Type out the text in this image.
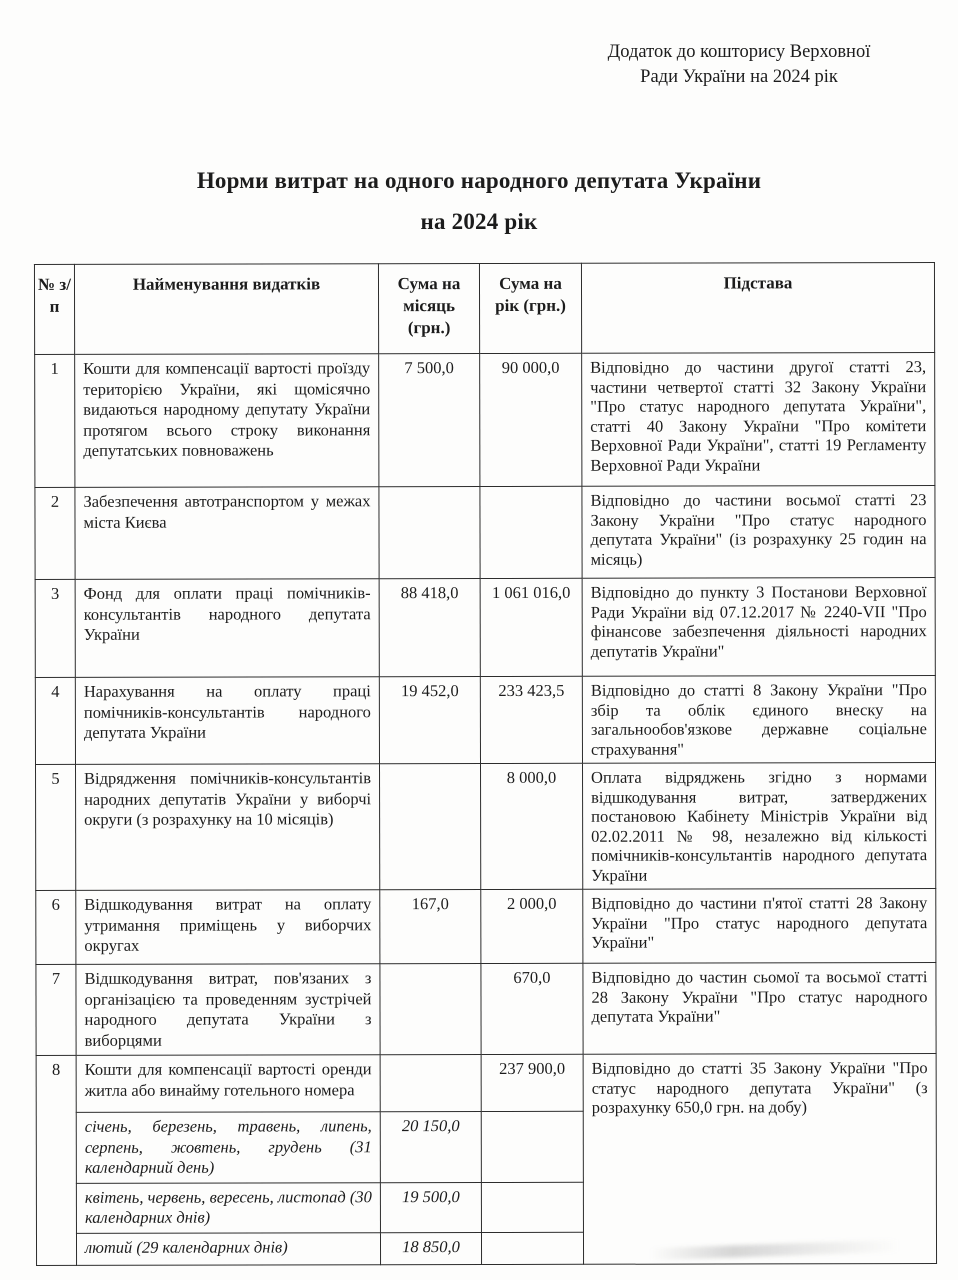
Додаток до кошторису Верховної
Ради України на 2024 рік
Норми витрат на одного народного депутата України
на 2024 рік
№ з/п	Найменування видатків	Сума на місяць (грн.)	Сума на рік (грн.)	Підстава
1	Кошти для компенсації вартості проїзду територією України, які щомісячно видаються народному депутату України протягом всього строку виконання депутатських повноважень	7 500,0	90 000,0	Відповідно до частини другої статті 23, частини четвертої статті 32 Закону України "Про статус народного депутата України", статті 40 Закону України "Про комітети Верховної Ради України", статті 19 Регламенту Верховної Ради України
2	Забезпечення автотранспортом у межах міста Києва			Відповідно до частини восьмої статті 23 Закону України "Про статус народного депутата України" (із розрахунку 25 годин на місяць)
3	Фонд для оплати праці помічників-консультантів народного депутата України	88 418,0	1 061 016,0	Відповідно до пункту 3 Постанови Верховної Ради України від 07.12.2017 № 2240-VII "Про фінансове забезпечення діяльності народних депутатів України"
4	Нарахування на оплату праці помічників-консультантів народного депутата України	19 452,0	233 423,5	Відповідно до статті 8 Закону України "Про збір та облік єдиного внеску на загальнообов'язкове державне соціальне страхування"
5	Відрядження помічників-консультантів народних депутатів України у виборчі округи (з розрахунку на 10 місяців)		8 000,0	Оплата відряджень згідно з нормами відшкодування витрат, затверджених постановою Кабінету Міністрів України від 02.02.2011 № 98, незалежно від кількості помічників-консультантів народного депутата України
6	Відшкодування витрат на оплату утримання приміщень у виборчих округах	167,0	2 000,0	Відповідно до частини п'ятої статті 28 Закону України "Про статус народного депутата України"
7	Відшкодування витрат, пов'язаних з організацією та проведенням зустрічей народного депутата України з виборцями		670,0	Відповідно до частин сьомої та восьмої статті 28 Закону України "Про статус народного депутата України"
8	Кошти для компенсації вартості оренди житла або винайму готельного номера		237 900,0	Відповідно до статті 35 Закону України "Про статус народного депутата України" (з розрахунку 650,0 грн. на добу)
	січень, березень, травень, липень, серпень, жовтень, грудень (31 календарний день)	20 150,0		
	квітень, червень, вересень, листопад (30 календарних днів)	19 500,0		
	лютий (29 календарних днів)	18 850,0		
